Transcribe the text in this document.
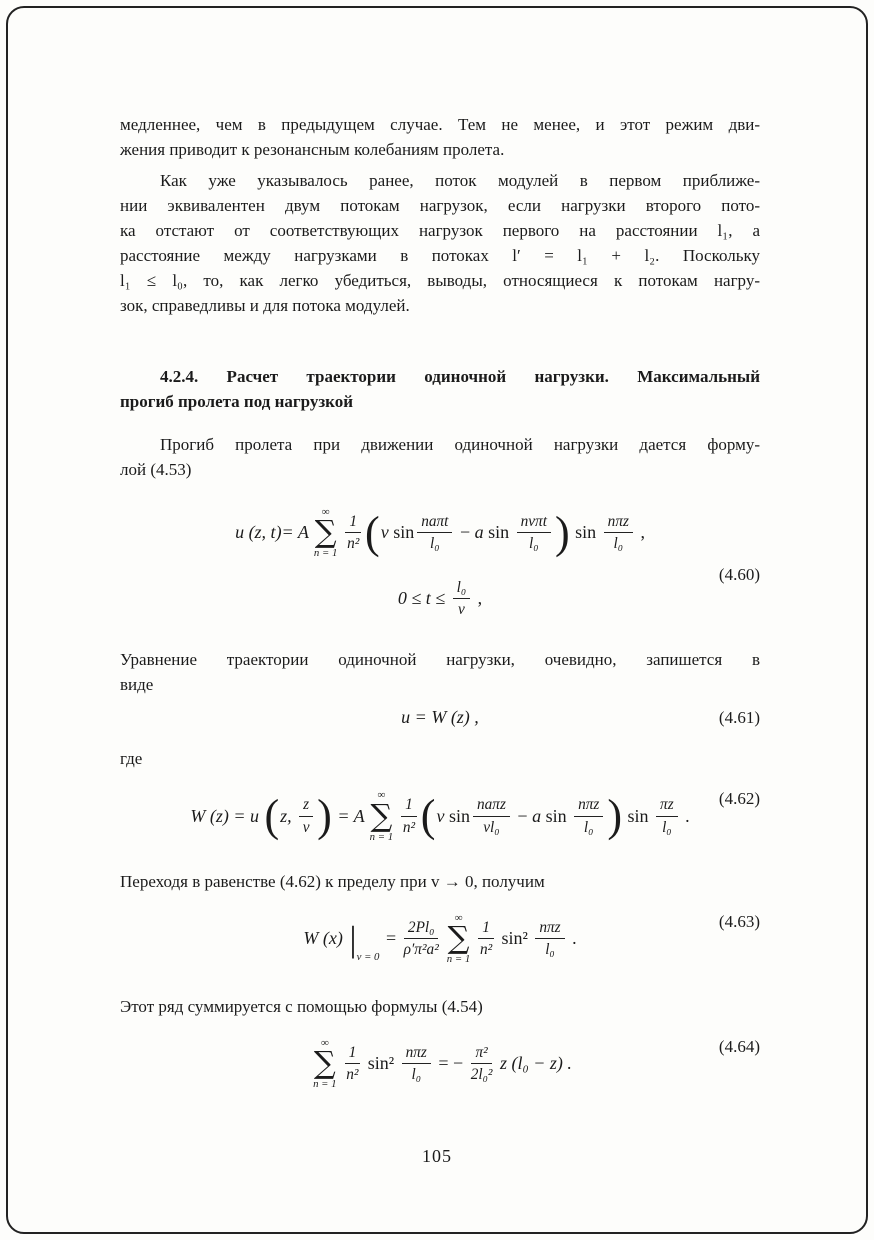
медленнее, чем в предыдущем случае. Тем не менее, и этот режим дви-
жения приводит к резонансным колебаниям пролета.
Как уже указывалось ранее, поток модулей в первом приближе-
нии эквивалентен двум потокам нагрузок, если нагрузки второго пото-
ка отстают от соответствующих нагрузок первого на расстоянии l₁, а
расстояние между нагрузками в потоках l′ = l₁ + l₂. Поскольку
l₁ ≤ l₀, то, как легко убедиться, выводы, относящиеся к потокам нагру-
зок, справедливы и для потока модулей.
4.2.4. Расчет траектории одиночной нагрузки. Максимальный
прогиб пролета под нагрузкой
Прогиб пролета при движении одиночной нагрузки дается форму-
лой (4.53)
u (z, t)= A
∞
∑
$n = 1 \frac{1}{\text{n²}}$ ( v $\sin \frac{\text{naπt}}{\text{l₀}} - a$ $\sin \frac{\text{nvπt}}{\text{l₀}}$ ) $\sin \frac{\text{nπz}}{\text{l₀}}$ ,
$0 \le t \le \frac{\text{l₀}}{v}$ ,
(4.60)
Уравнение траектории одиночной нагрузки, очевидно, запишется в
виде
u = W (z) ,	(4.61)
где
(4.62)
W (z) = u ( z, $\frac{z}{v}$ ) = A
∞
∑
$n = 1 \frac{1}{\text{n²}}$ ( v $\sin \frac{\text{naπz}}{\text{vl₀}} - a$ $\sin \frac{\text{nπz}}{\text{l₀}}$ ) $\sin \frac{\pi z}{\text{l₀}}$ .
Переходя в равенстве (4.62) к пределу при v → 0, получим
(4.63)
W (x) | v = 0
= $\frac{\text{2Pl₀}}{\text{ρ′π²a²}}$
∞
∑
$n = 1 \frac{1}{\text{n²}} \sin^2 \frac{\text{nπz}}{\text{l₀}}$ .
Этот ряд суммируется с помощью формулы (4.54)
(4.64)
∞
∑
$n = 1 \frac{1}{\text{n²}} \sin^2 \frac{\text{nπz}}{\text{l₀}}$ = − $\frac{\text{π²}}{\text{2l₀²}}$ z (l₀ − z) .
105
